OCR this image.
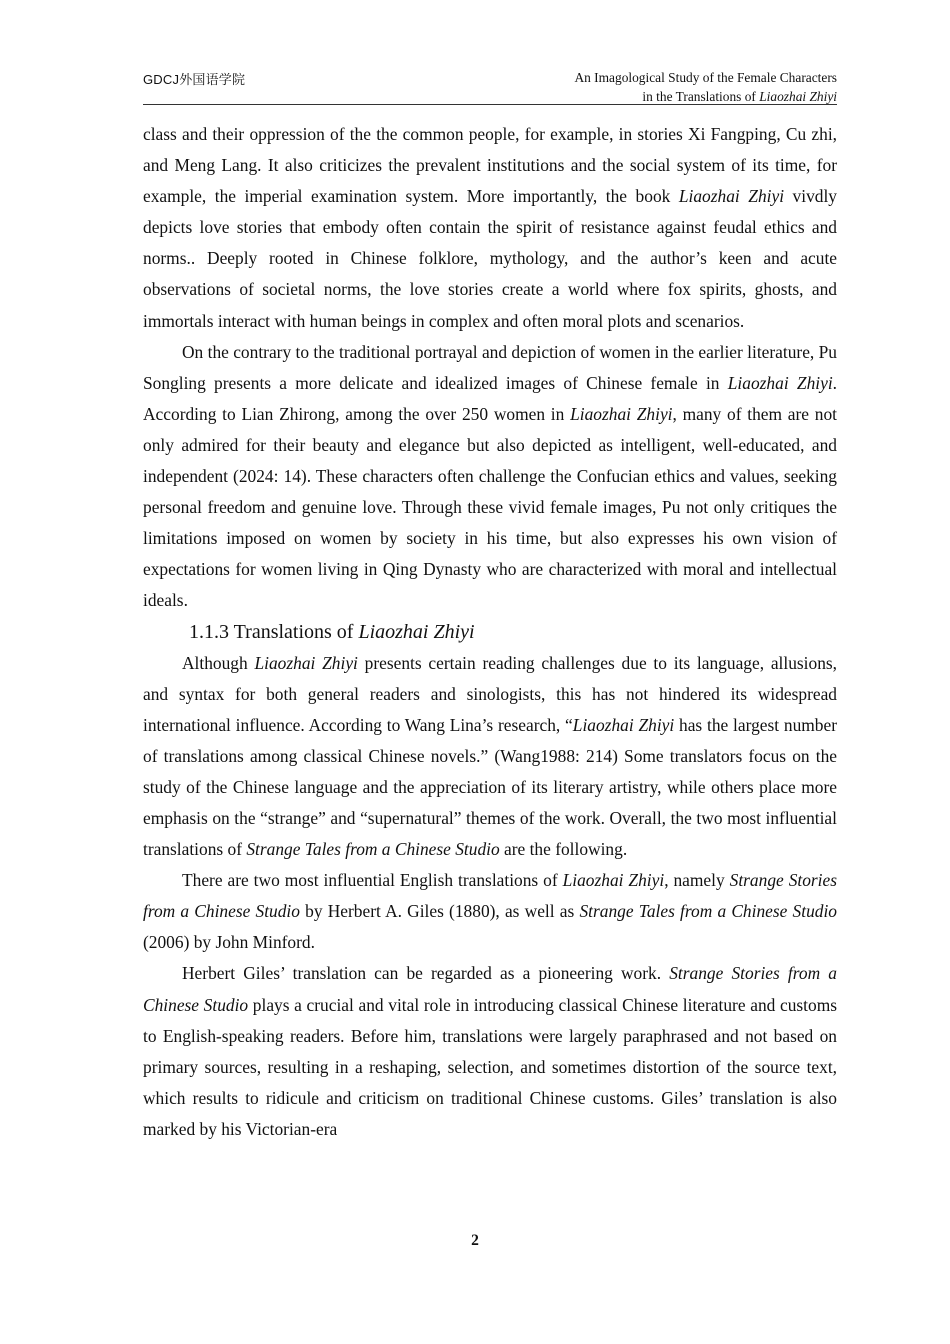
GDCJ外国语学院	An Imagological Study of the Female Characters
in the Translations of Liaozhai Zhiyi

class and their oppression of the the common people, for example, in stories Xi Fangping, Cu zhi, and Meng Lang. It also criticizes the prevalent institutions and the social system of its time, for example, the imperial examination system. More importantly, the book Liaozhai Zhiyi vivdly depicts love stories that embody often contain the spirit of resistance against feudal ethics and norms.. Deeply rooted in Chinese folklore, mythology, and the author’s keen and acute observations of societal norms, the love stories create a world where fox spirits, ghosts, and immortals interact with human beings in complex and often moral plots and scenarios.

On the contrary to the traditional portrayal and depiction of women in the earlier literature, Pu Songling presents a more delicate and idealized images of Chinese female in Liaozhai Zhiyi. According to Lian Zhirong, among the over 250 women in Liaozhai Zhiyi, many of them are not only admired for their beauty and elegance but also depicted as intelligent, well-educated, and independent (2024: 14). These characters often challenge the Confucian ethics and values, seeking personal freedom and genuine love. Through these vivid female images, Pu not only critiques the limitations imposed on women by society in his time, but also expresses his own vision of expectations for women living in Qing Dynasty who are characterized with moral and intellectual ideals.

1.1.3 Translations of Liaozhai Zhiyi

Although Liaozhai Zhiyi presents certain reading challenges due to its language, allusions, and syntax for both general readers and sinologists, this has not hindered its widespread international influence. According to Wang Lina’s research, “Liaozhai Zhiyi has the largest number of translations among classical Chinese novels.” (Wang1988: 214) Some translators focus on the study of the Chinese language and the appreciation of its literary artistry, while others place more emphasis on the “strange” and “supernatural” themes of the work. Overall, the two most influential translations of Strange Tales from a Chinese Studio are the following.

There are two most influential English translations of Liaozhai Zhiyi, namely Strange Stories from a Chinese Studio by Herbert A. Giles (1880), as well as Strange Tales from a Chinese Studio (2006) by John Minford.

Herbert Giles’ translation can be regarded as a pioneering work. Strange Stories from a Chinese Studio plays a crucial and vital role in introducing classical Chinese literature and customs to English-speaking readers. Before him, translations were largely paraphrased and not based on primary sources, resulting in a reshaping, selection, and sometimes distortion of the source text, which results to ridicule and criticism on traditional Chinese customs. Giles’ translation is also marked by his Victorian-era

2
